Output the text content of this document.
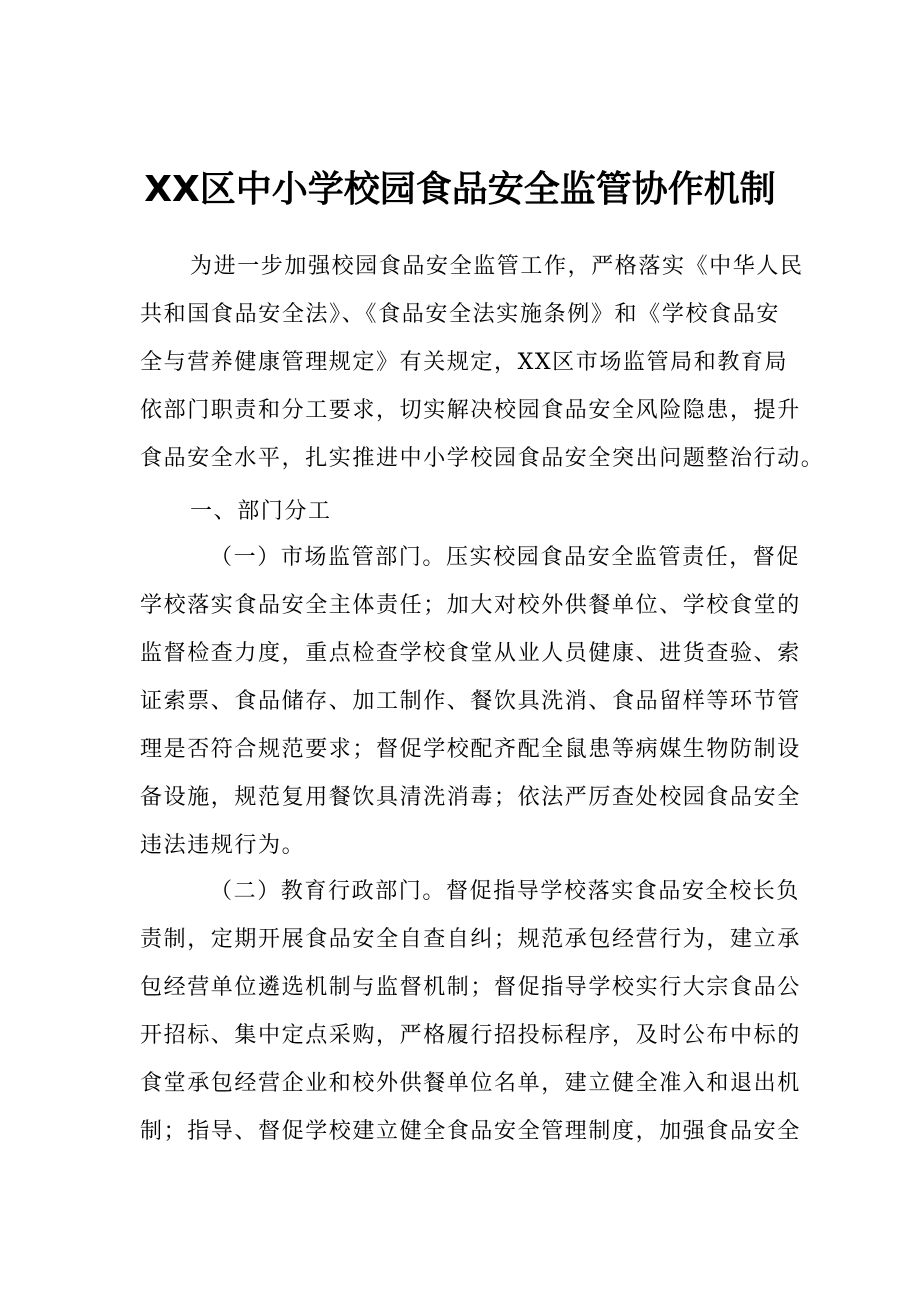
XX区中小学校园食品安全监管协作机制
为进一步加强校园食品安全监管工作，严格落实《中华人民
共和国食品安全法》、《食品安全法实施条例》和《学校食品安
全与营养健康管理规定》有关规定，XX区市场监管局和教育局
依部门职责和分工要求，切实解决校园食品安全风险隐患，提升
食品安全水平，扎实推进中小学校园食品安全突出问题整治行动。
一、部门分工
（一）市场监管部门。压实校园食品安全监管责任，督促
学校落实食品安全主体责任；加大对校外供餐单位、学校食堂的
监督检查力度，重点检查学校食堂从业人员健康、进货查验、索
证索票、食品储存、加工制作、餐饮具洗消、食品留样等环节管
理是否符合规范要求；督促学校配齐配全鼠患等病媒生物防制设
备设施，规范复用餐饮具清洗消毒；依法严厉查处校园食品安全
违法违规行为。
（二）教育行政部门。督促指导学校落实食品安全校长负
责制，定期开展食品安全自查自纠；规范承包经营行为，建立承
包经营单位遴选机制与监督机制；督促指导学校实行大宗食品公
开招标、集中定点采购，严格履行招投标程序，及时公布中标的
食堂承包经营企业和校外供餐单位名单，建立健全准入和退出机
制；指导、督促学校建立健全食品安全管理制度，加强食品安全
